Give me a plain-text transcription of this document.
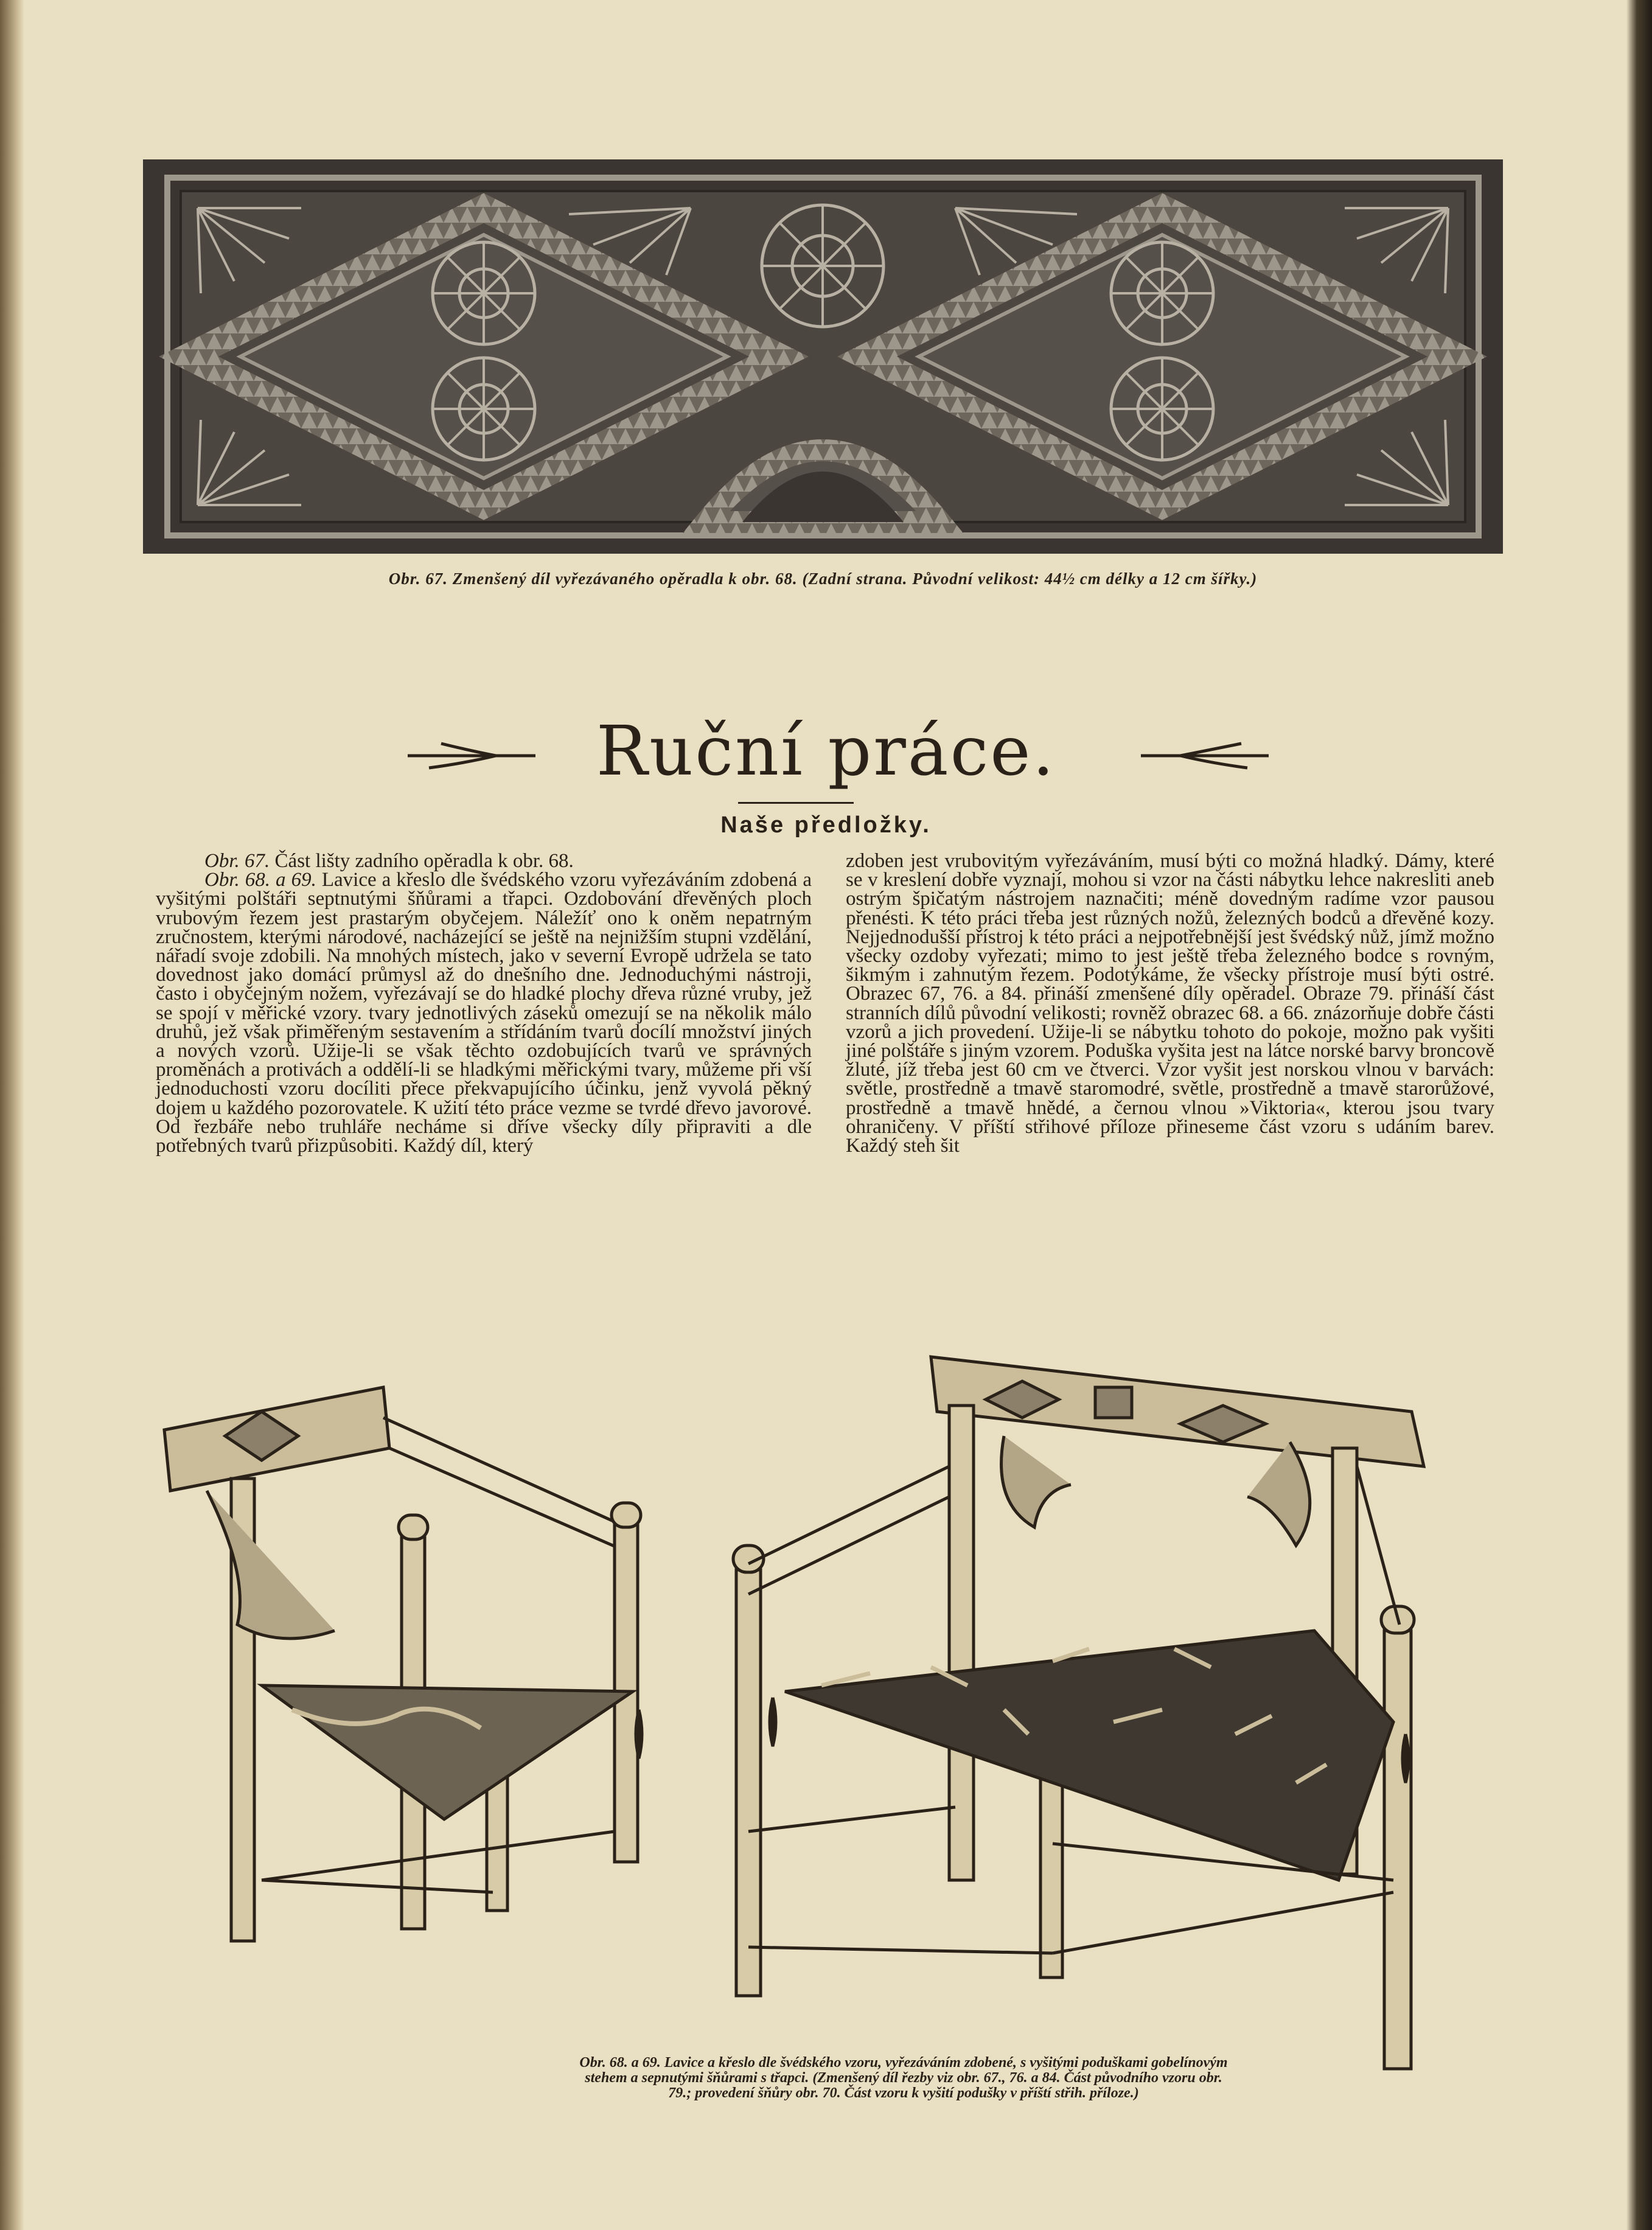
Obr. 67. Zmenšený díl vyřezávaného opěradla k obr. 68. (Zadní strana. Původní velikost: 44½ cm délky a 12 cm šířky.)
Ruční práce.
Naše předložky.

Obr. 67. Část lišty zadního opěradla k obr. 68.

Obr. 68. a 69. Lavice a křeslo dle švédského vzoru vyřezáváním zdobená a vyšitými polštáři septnutými šňůrami a třapci. Ozdobování dřevěných ploch vrubovým řezem jest prastarým obyčejem. Náležíť ono k oněm nepatrným zručnostem, kterými národové, nacházející se ještě na nejnižším stupni vzdělání, nářadí svoje zdobili. Na mnohých místech, jako v severní Evropě udržela se tato dovednost jako domácí průmysl až do dnešního dne. Jednoduchými nástroji, často i obyčejným nožem, vyřezávají se do hladké plochy dřeva různé vruby, jež se spojí v měřické vzory. tvary jednotlivých záseků omezují se na několik málo druhů, jež však přiměřeným sestavením a střídáním tvarů docílí množství jiných a nových vzorů. Užije-li se však těchto ozdobujících tvarů ve správných proměnách a protivách a oddělí-li se hladkými měřickými tvary, můžeme při vší jednoduchosti vzoru docíliti přece překvapujícího účinku, jenž vyvolá pěkný dojem u každého pozorovatele. K užití této práce vezme se tvrdé dřevo javorové. Od řezbáře nebo truhláře necháme si dříve všecky díly připraviti a dle potřebných tvarů přizpůsobiti. Každý díl, který

zdoben jest vrubovitým vyřezáváním, musí býti co možná hladký. Dámy, které se v kreslení dobře vyznají, mohou si vzor na části nábytku lehce nakresliti aneb ostrým špičatým nástrojem naznačiti; méně dovedným radíme vzor pausou přenésti. K této práci třeba jest různých nožů, železných bodců a dřevěné kozy. Nejjednodušší přístroj k této práci a nejpotřebnější jest švédský nůž, jímž možno všecky ozdoby vyřezati; mimo to jest ještě třeba železného bodce s rovným, šikmým i zahnutým řezem. Podotýkáme, že všecky přístroje musí býti ostré. Obrazec 67, 76. a 84. přináší zmenšené díly opěradel. Obraze 79. přináší část stranních dílů původní velikosti; rovněž obrazec 68. a 66. znázorňuje dobře části vzorů a jich provedení. Užije-li se nábytku tohoto do pokoje, možno pak vyšiti jiné polštáře s jiným vzorem. Poduška vyšita jest na látce norské barvy broncově žluté, jíž třeba jest 60 cm ve čtverci. Vzor vyšit jest norskou vlnou v barvách: světle, prostředně a tmavě staromodré, světle, prostředně a tmavě starorůžové, prostředně a tmavě hnědé, a černou vlnou »Viktoria«, kterou jsou tvary ohraničeny. V příští střihové příloze přineseme část vzoru s udáním barev. Každý steh šit

Obr. 68. a 69. Lavice a křeslo dle švédského vzoru, vyřezáváním zdobené, s vyšitými poduškami gobelínovým stehem a sepnutými šňůrami s třapci. (Zmenšený díl řezby viz obr. 67., 76. a 84. Část původního vzoru obr. 79.; provedení šňůry obr. 70. Část vzoru k vyšití podušky v příští střih. příloze.)
